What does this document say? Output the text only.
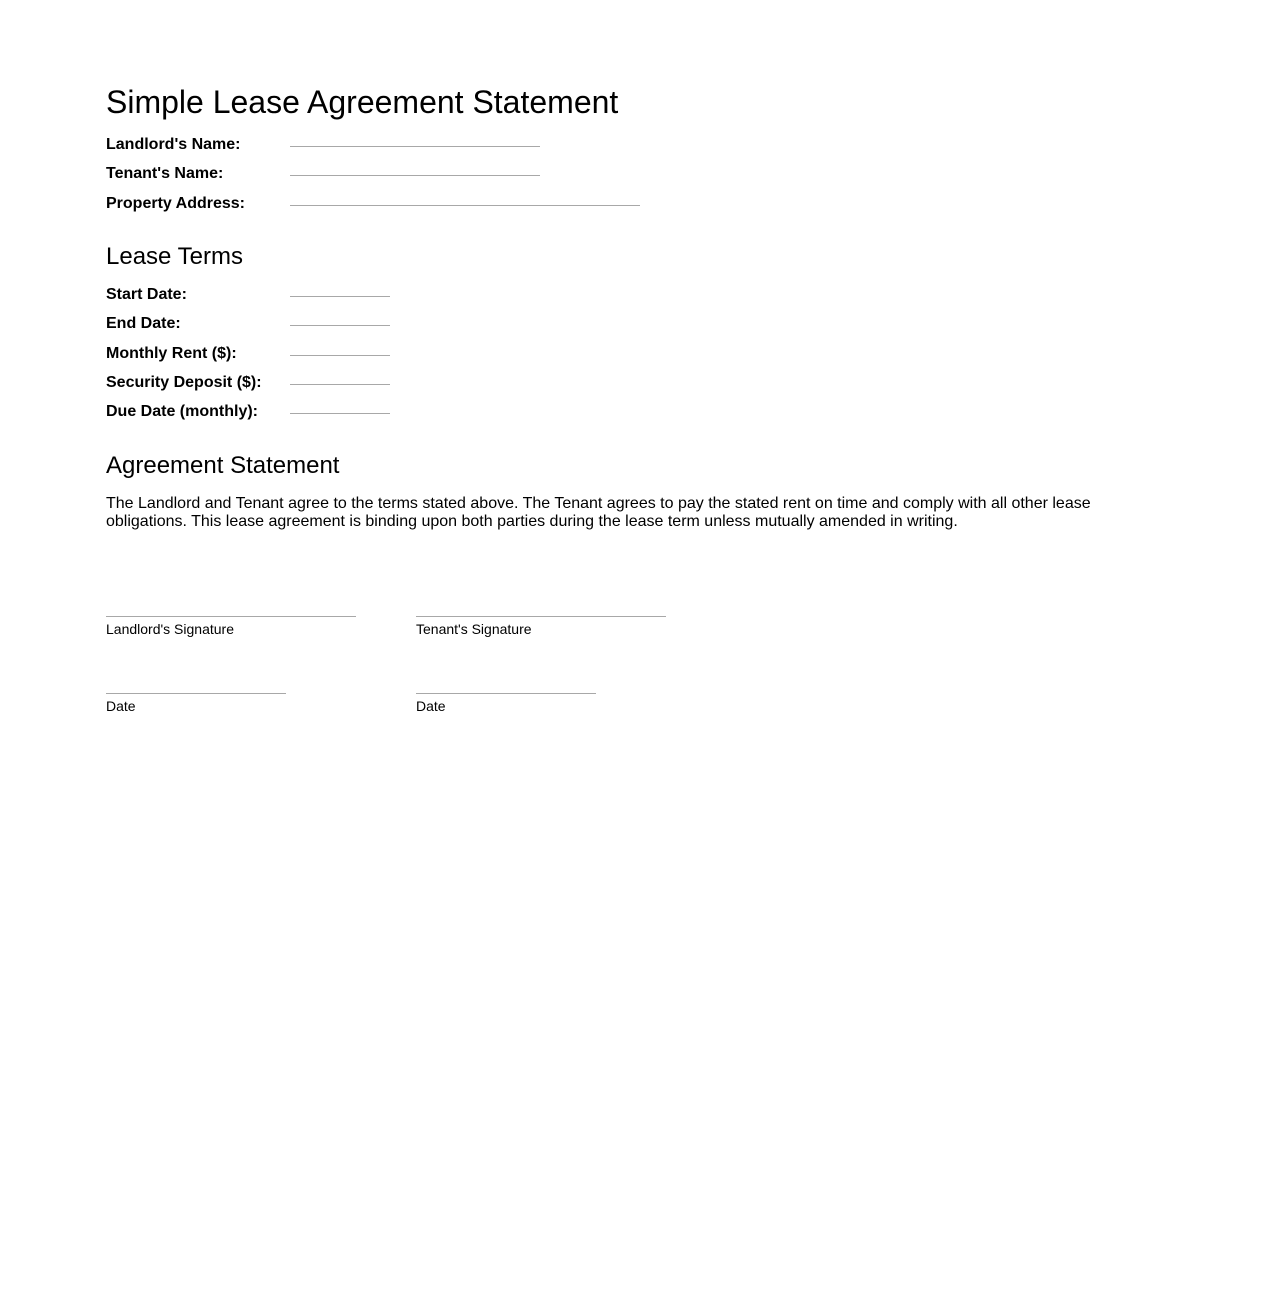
Simple Lease Agreement Statement
Landlord's Name:
Tenant's Name:
Property Address:
Lease Terms
Start Date:
End Date:
Monthly Rent ($):
Security Deposit ($):
Due Date (monthly):
Agreement Statement

The Landlord and Tenant agree to the terms stated above. The Tenant agrees to pay the stated rent on time and comply with all other lease obligations. This lease agreement is binding upon both parties during the lease term unless mutually amended in writing.

Landlord's Signature	Tenant's Signature
Date	Date
